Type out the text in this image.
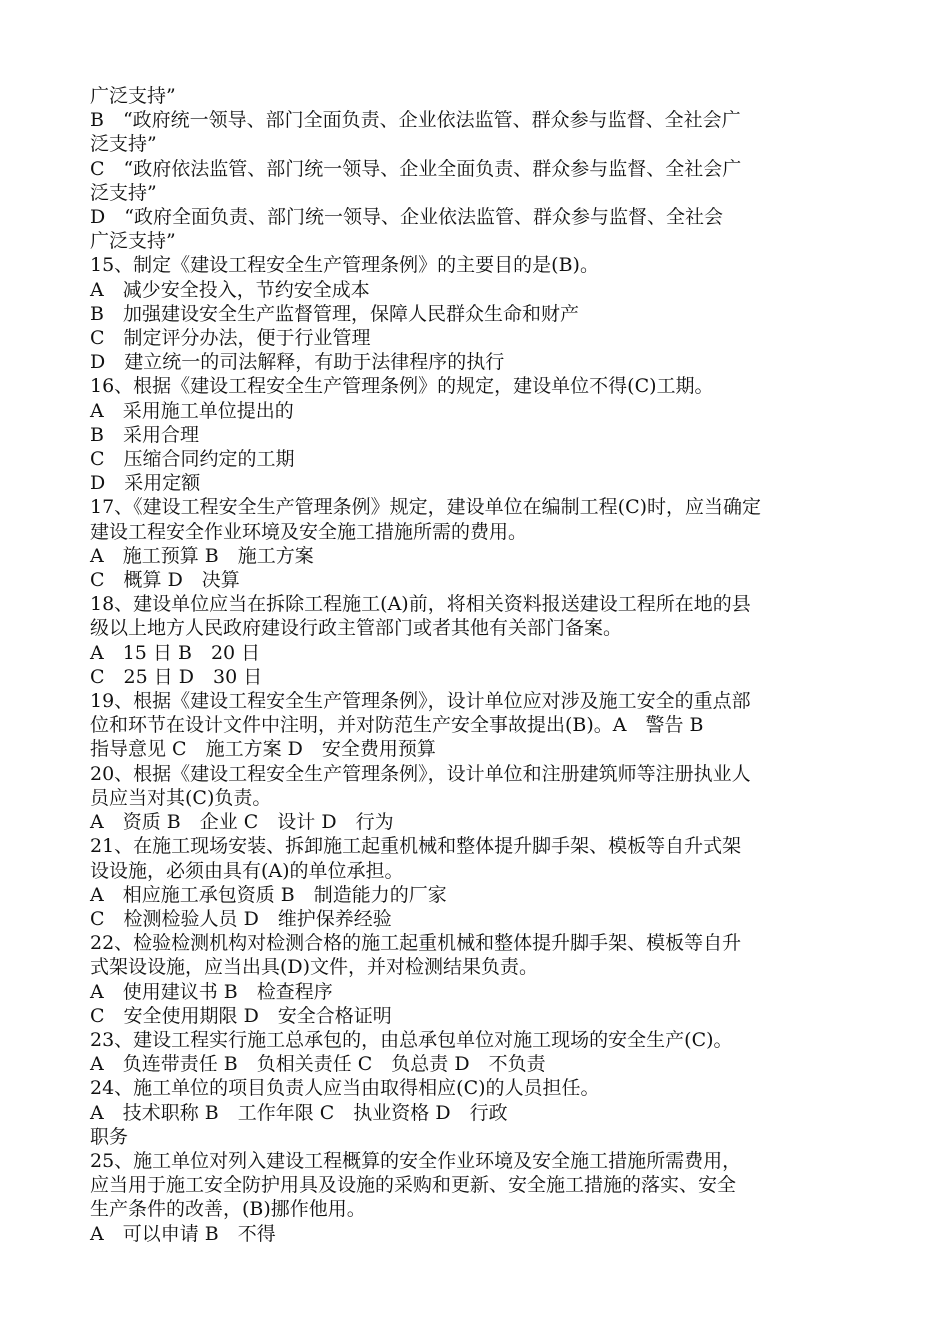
广泛支持”
B　“政府统一领导、部门全面负责、企业依法监管、群众参与监督、全社会广
泛支持”
C　“政府依法监管、部门统一领导、企业全面负责、群众参与监督、全社会广
泛支持”
D　“政府全面负责、部门统一领导、企业依法监管、群众参与监督、全社会
广泛支持”
15、制定《建设工程安全生产管理条例》的主要目的是(B)。
A　减少安全投入，节约安全成本
B　加强建设安全生产监督管理，保障人民群众生命和财产
C　制定评分办法，便于行业管理
D　建立统一的司法解释，有助于法律程序的执行
16、根据《建设工程安全生产管理条例》的规定，建设单位不得(C)工期。
A　采用施工单位提出的
B　采用合理
C　压缩合同约定的工期
D　采用定额
17、《建设工程安全生产管理条例》规定，建设单位在编制工程(C)时，应当确定
建设工程安全作业环境及安全施工措施所需的费用。
A　施工预算 B　施工方案
C　概算 D　决算
18、建设单位应当在拆除工程施工(A)前，将相关资料报送建设工程所在地的县
级以上地方人民政府建设行政主管部门或者其他有关部门备案。
A　15 日 B　20 日
C　25 日 D　30 日
19、根据《建设工程安全生产管理条例》，设计单位应对涉及施工安全的重点部
位和环节在设计文件中注明，并对防范生产安全事故提出(B)。A　警告 B
指导意见 C　施工方案 D　安全费用预算
20、根据《建设工程安全生产管理条例》，设计单位和注册建筑师等注册执业人
员应当对其(C)负责。
A　资质 B　企业 C　设计 D　行为
21、在施工现场安装、拆卸施工起重机械和整体提升脚手架、模板等自升式架
设设施，必须由具有(A)的单位承担。
A　相应施工承包资质 B　制造能力的厂家
C　检测检验人员 D　维护保养经验
22、检验检测机构对检测合格的施工起重机械和整体提升脚手架、模板等自升
式架设设施，应当出具(D)文件，并对检测结果负责。
A　使用建议书 B　检查程序
C　安全使用期限 D　安全合格证明
23、建设工程实行施工总承包的，由总承包单位对施工现场的安全生产(C)。
A　负连带责任 B　负相关责任 C　负总责 D　不负责
24、施工单位的项目负责人应当由取得相应(C)的人员担任。
A　技术职称 B　工作年限 C　执业资格 D　行政
职务
25、施工单位对列入建设工程概算的安全作业环境及安全施工措施所需费用，
应当用于施工安全防护用具及设施的采购和更新、安全施工措施的落实、安全
生产条件的改善，(B)挪作他用。
A　可以申请 B　不得
